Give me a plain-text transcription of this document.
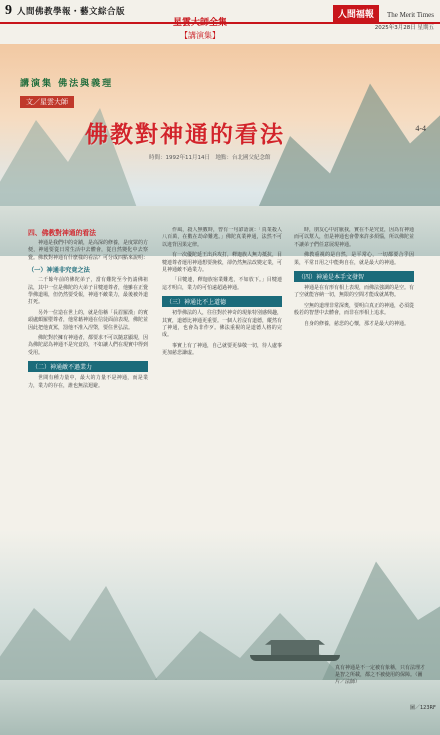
9 人間佛教學報・藝文綜合版	人間福報 The Merit Times
2025年3月28日 星期五
星雲大師全集
【講演集】
講演集 佛法與義理
文／星雲大師
佛教對神通的看法	4-4
時間：1992年11月14日　地點：台北國父紀念館
四、佛教對神通的看法

神通是我們中的奇蹟，是高深的修養，是度眾的方便，神通要從日常生活中去體會，從自然變化中去察覺。佛教對神通有什麼樣的看法？可分成四點來說明：

（一）神通非究竟之法

二千餘年前的佛陀弟子，當有難陀至今仍請佛祖法，其中一位是佛陀的大弟子目犍連尊者，他雖在正覺學佛道場，但仍然要受報，神通不敵業力，最後被外道打死。

另外一位造在世上的，就是俗稱「長眉羅漢」的賓頭盧頗羅墮尊者，他常藉神通在信徒面前表現，佛陀並因此把他責罵，罰他不准入涅槃，要住世弘法。

佛陀對於擁有神通者，都要求不可以隨意顯現，因為佛陀認為神通不是究竟的，不如讓人們在現實中得到受用。

（二）神通敵不過業力

世間有種力量中，最大的力量不是神通，而是業力，業力的存在，誰也無法迴避。

作風，殺人無數時，曾有一句諺語說：「真業殺人八百萬，在數在劫命難逃。」佛陀真業神通，法然不可以違背因果定律。

有一次優陀延王出兵攻打，釋迦族人無力抵抗，目犍連尊者運用神通想要挽救，卻仍然無法改變定業，可見神通敵不過業力。

「目犍連，釋迦族宿業難逃，不如放下。」目犍連這才明白，業力的可怕遠超過神通。

（三）神通比不上道德

初學佛法的人，往往對於神奇的現象特別感興趣，其實，道德比神通更重要。一個人若沒有道德，縱然有了神通，也會為非作歹。佛法重視的是道德人格的完成。

事實上有了神通，自己就要更恭敬一切，待人處事更加慈悲謙虛。

時，朋友心中討厭我，實在不是究竟，因為有神通而可以幫人，但是神通也會帶來許多煩惱，所以佛陀並不讓弟子們任意展現神通。

佛教重視的是自然，是平常心，一切都要合乎因果，平常日用之中能夠自在，就是最大的神通。

（四）神通是本手文發智

神通是在有形有相上表現，而佛法強調的是空。有了空就能容納一切，無限的空間才能成就萬物。

空無的道理非常深奧，要明白真正的神通，必須從般若的智慧中去體會，而非在形相上追求。

自身的修養，慈悲的心懷，那才是最大的神通。

真有神通是不一定被有象稱，只有法理才是智之所載，都之不被使用的保障。（圖片／法師）
圖／123RF
